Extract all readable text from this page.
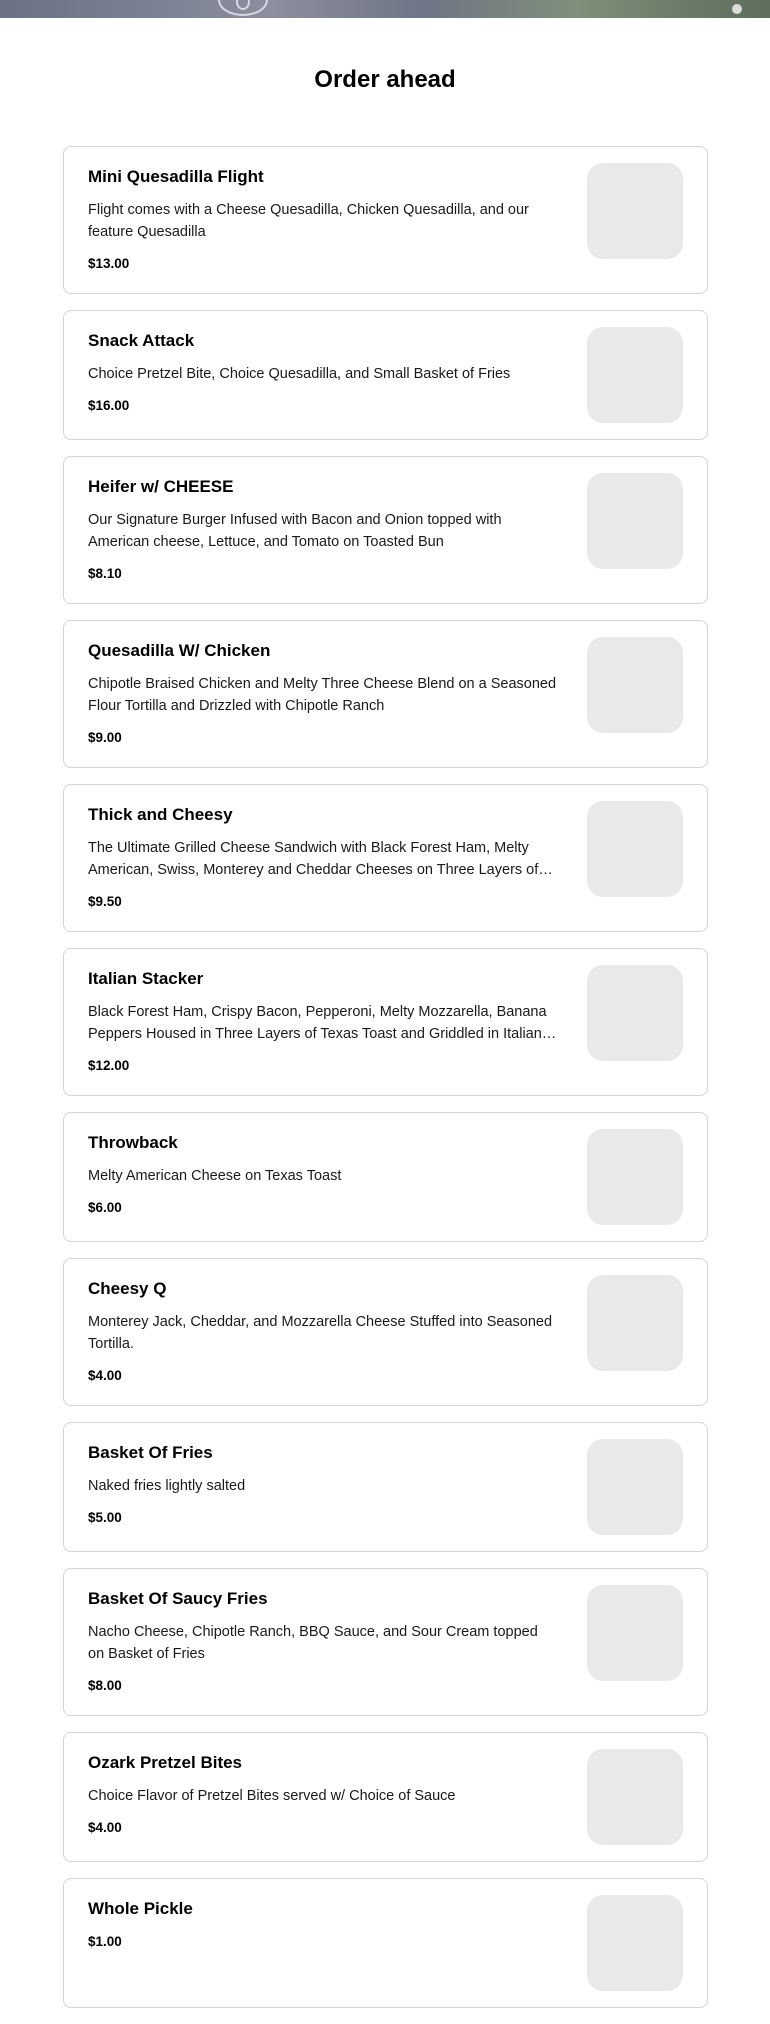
Order ahead

Mini Quesadilla Flight

Flight comes with a Cheese Quesadilla, Chicken Quesadilla, and our feature Quesadilla

$13.00

Snack Attack

Choice Pretzel Bite, Choice Quesadilla, and Small Basket of Fries

$16.00

Heifer w/ CHEESE

Our Signature Burger Infused with Bacon and Onion topped with American cheese, Lettuce, and Tomato on Toasted Bun

$8.10

Quesadilla W/ Chicken

Chipotle Braised Chicken and Melty Three Cheese Blend on a Seasoned Flour Tortilla and Drizzled with Chipotle Ranch

$9.00

Thick and Cheesy

The Ultimate Grilled Cheese Sandwich with Black Forest Ham, Melty American, Swiss, Monterey and Cheddar Cheeses on Three Layers of…

$9.50

Italian Stacker

Black Forest Ham, Crispy Bacon, Pepperoni, Melty Mozzarella, Banana Peppers Housed in Three Layers of Texas Toast and Griddled in Italian…

$12.00

Throwback

Melty American Cheese on Texas Toast

$6.00

Cheesy Q

Monterey Jack, Cheddar, and Mozzarella Cheese Stuffed into Seasoned Tortilla.

$4.00

Basket Of Fries

Naked fries lightly salted

$5.00

Basket Of Saucy Fries

Nacho Cheese, Chipotle Ranch, BBQ Sauce, and Sour Cream topped on Basket of Fries

$8.00

Ozark Pretzel Bites

Choice Flavor of Pretzel Bites served w/ Choice of Sauce

$4.00

Whole Pickle

$1.00
